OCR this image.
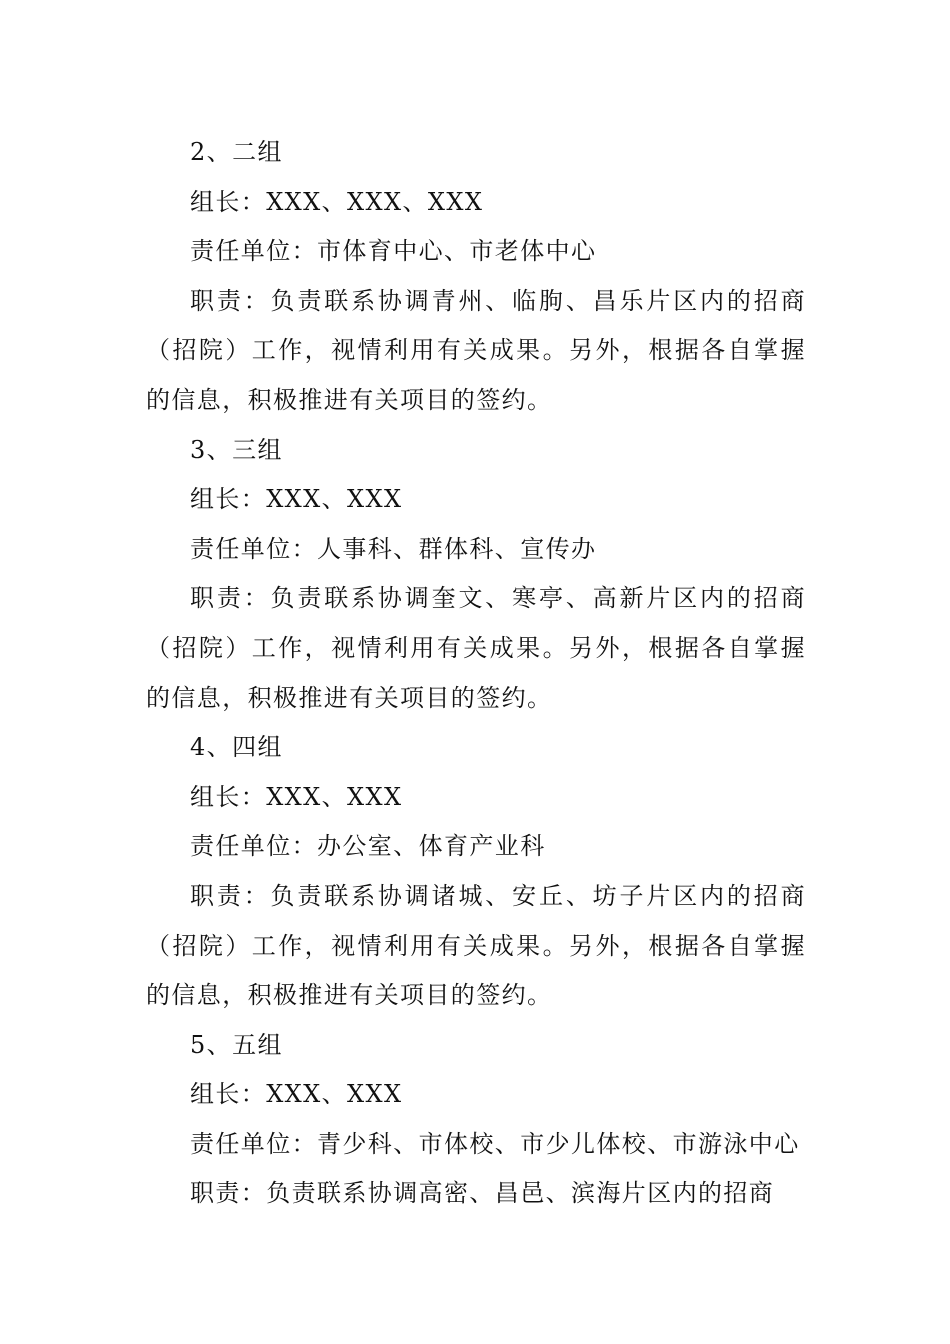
2、二组

组长：XXX、XXX、XXX

责任单位：市体育中心、市老体中心

职责：负责联系协调青州、临朐、昌乐片区内的招商（招院）工作，视情利用有关成果。另外，根据各自掌握的信息，积极推进有关项目的签约。

3、三组

组长：XXX、XXX

责任单位：人事科、群体科、宣传办

职责：负责联系协调奎文、寒亭、高新片区内的招商（招院）工作，视情利用有关成果。另外，根据各自掌握的信息，积极推进有关项目的签约。

4、四组

组长：XXX、XXX

责任单位：办公室、体育产业科

职责：负责联系协调诸城、安丘、坊子片区内的招商（招院）工作，视情利用有关成果。另外，根据各自掌握的信息，积极推进有关项目的签约。

5、五组

组长：XXX、XXX

责任单位：青少科、市体校、市少儿体校、市游泳中心

职责：负责联系协调高密、昌邑、滨海片区内的招商
